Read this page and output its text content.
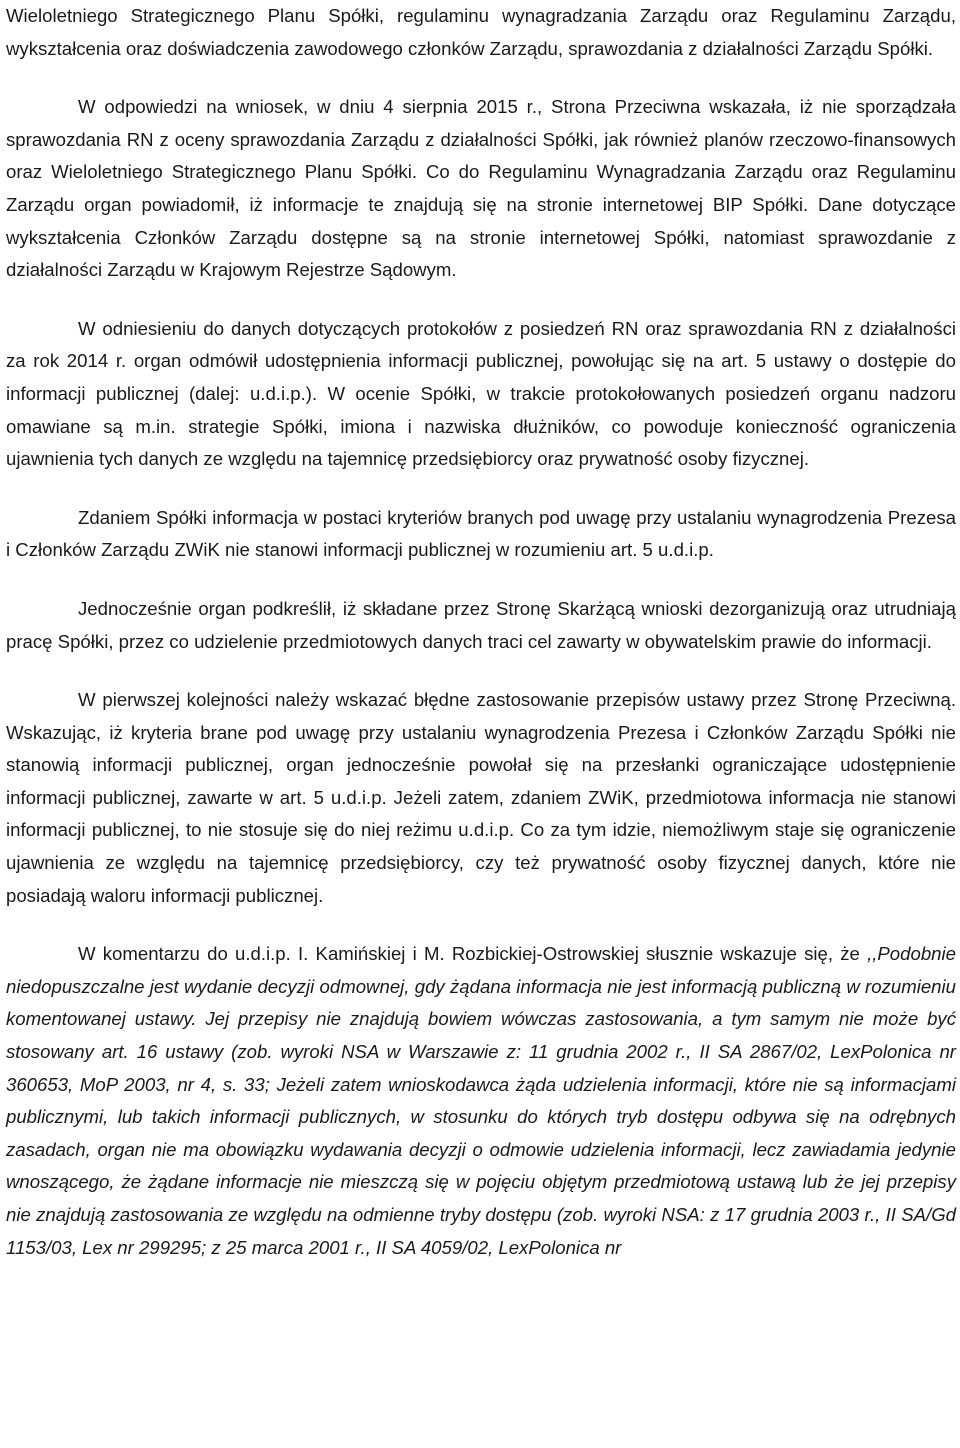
Wieloletniego Strategicznego Planu Spółki, regulaminu wynagradzania Zarządu oraz Regulaminu Zarządu, wykształcenia oraz doświadczenia zawodowego członków Zarządu, sprawozdania z działalności Zarządu Spółki.

W odpowiedzi na wniosek, w dniu 4 sierpnia 2015 r., Strona Przeciwna wskazała, iż nie sporządzała sprawozdania RN z oceny sprawozdania Zarządu z działalności Spółki, jak również planów rzeczowo-finansowych oraz Wieloletniego Strategicznego Planu Spółki. Co do Regulaminu Wynagradzania Zarządu oraz Regulaminu Zarządu organ powiadomił, iż informacje te znajdują się na stronie internetowej BIP Spółki. Dane dotyczące wykształcenia Członków Zarządu dostępne są na stronie internetowej Spółki, natomiast sprawozdanie z działalności Zarządu w Krajowym Rejestrze Sądowym.

W odniesieniu do danych dotyczących protokołów z posiedzeń RN oraz sprawozdania RN z działalności za rok 2014 r. organ odmówił udostępnienia informacji publicznej, powołując się na art. 5 ustawy o dostępie do informacji publicznej (dalej: u.d.i.p.). W ocenie Spółki, w trakcie protokołowanych posiedzeń organu nadzoru omawiane są m.in. strategie Spółki, imiona i nazwiska dłużników, co powoduje konieczność ograniczenia ujawnienia tych danych ze względu na tajemnicę przedsiębiorcy oraz prywatność osoby fizycznej.

Zdaniem Spółki informacja w postaci kryteriów branych pod uwagę przy ustalaniu wynagrodzenia Prezesa i Członków Zarządu ZWiK nie stanowi informacji publicznej w rozumieniu art. 5 u.d.i.p.

Jednocześnie organ podkreślił, iż składane przez Stronę Skarżącą wnioski dezorganizują oraz utrudniają pracę Spółki, przez co udzielenie przedmiotowych danych traci cel zawarty w obywatelskim prawie do informacji.

W pierwszej kolejności należy wskazać błędne zastosowanie przepisów ustawy przez Stronę Przeciwną. Wskazując, iż kryteria brane pod uwagę przy ustalaniu wynagrodzenia Prezesa i Członków Zarządu Spółki nie stanowią informacji publicznej, organ jednocześnie powołał się na przesłanki ograniczające udostępnienie informacji publicznej, zawarte w art. 5 u.d.i.p. Jeżeli zatem, zdaniem ZWiK, przedmiotowa informacja nie stanowi informacji publicznej, to nie stosuje się do niej reżimu u.d.i.p. Co za tym idzie, niemożliwym staje się ograniczenie ujawnienia ze względu na tajemnicę przedsiębiorcy, czy też prywatność osoby fizycznej danych, które nie posiadają waloru informacji publicznej.

W komentarzu do u.d.i.p. I. Kamińskiej i M. Rozbickiej-Ostrowskiej słusznie wskazuje się, że ,,Podobnie niedopuszczalne jest wydanie decyzji odmownej, gdy żądana informacja nie jest informacją publiczną w rozumieniu komentowanej ustawy. Jej przepisy nie znajdują bowiem wówczas zastosowania, a tym samym nie może być stosowany art. 16 ustawy (zob. wyroki NSA w Warszawie z: 11 grudnia 2002 r., II SA 2867/02, LexPolonica nr 360653, MoP 2003, nr 4, s. 33; Jeżeli zatem wnioskodawca żąda udzielenia informacji, które nie są informacjami publicznymi, lub takich informacji publicznych, w stosunku do których tryb dostępu odbywa się na odrębnych zasadach, organ nie ma obowiązku wydawania decyzji o odmowie udzielenia informacji, lecz zawiadamia jedynie wnoszącego, że żądane informacje nie mieszczą się w pojęciu objętym przedmiotową ustawą lub że jej przepisy nie znajdują zastosowania ze względu na odmienne tryby dostępu (zob. wyroki NSA: z 17 grudnia 2003 r., II SA/Gd 1153/03, Lex nr 299295; z 25 marca 2001 r., II SA 4059/02, LexPolonica nr
